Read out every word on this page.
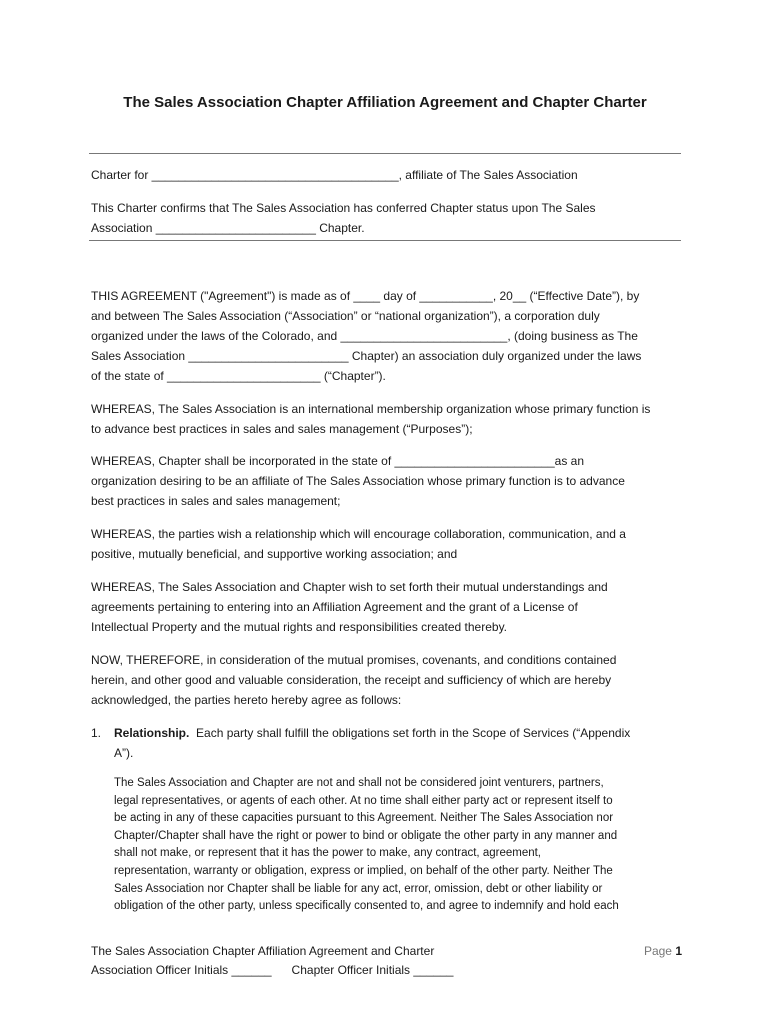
The Sales Association Chapter Affiliation Agreement and Chapter Charter
Charter for _____________________________________, affiliate of The Sales Association

This Charter confirms that The Sales Association has conferred Chapter status upon The Sales

Association ________________________ Chapter.

THIS AGREEMENT ("Agreement") is made as of ____ day of ___________, 20__ (“Effective Date”), by

and between The Sales Association (“Association” or “national organization”), a corporation duly

organized under the laws of the Colorado, and _________________________, (doing business as The

Sales Association ________________________ Chapter) an association duly organized under the laws

of the state of _______________________ (“Chapter”).

WHEREAS, The Sales Association is an international membership organization whose primary function is

to advance best practices in sales and sales management (“Purposes”);

WHEREAS, Chapter shall be incorporated in the state of ________________________as an

organization desiring to be an affiliate of The Sales Association whose primary function is to advance

best practices in sales and sales management;

WHEREAS, the parties wish a relationship which will encourage collaboration, communication, and a

positive, mutually beneficial, and supportive working association; and

WHEREAS, The Sales Association and Chapter wish to set forth their mutual understandings and

agreements pertaining to entering into an Affiliation Agreement and the grant of a License of

Intellectual Property and the mutual rights and responsibilities created thereby.

NOW, THEREFORE, in consideration of the mutual promises, covenants, and conditions contained

herein, and other good and valuable consideration, the receipt and sufficiency of which are hereby

acknowledged, the parties hereto hereby agree as follows:

1. Relationship. Each party shall fulfill the obligations set forth in the Scope of Services (“Appendix

A”).

The Sales Association and Chapter are not and shall not be considered joint venturers, partners,

legal representatives, or agents of each other. At no time shall either party act or represent itself to

be acting in any of these capacities pursuant to this Agreement. Neither The Sales Association nor

Chapter/Chapter shall have the right or power to bind or obligate the other party in any manner and

shall not make, or represent that it has the power to make, any contract, agreement,

representation, warranty or obligation, express or implied, on behalf of the other party. Neither The

Sales Association nor Chapter shall be liable for any act, error, omission, debt or other liability or

obligation of the other party, unless specifically consented to, and agree to indemnify and hold each

The Sales Association Chapter Affiliation Agreement and Charter

Association Officer Initials ______      Chapter Officer Initials ______

Page 1
